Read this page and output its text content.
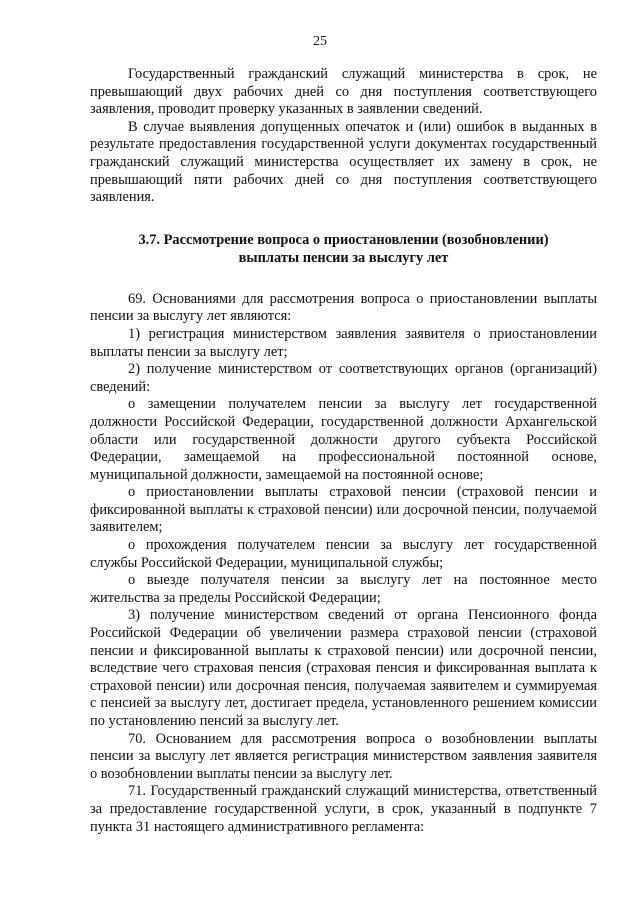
25

Государственный гражданский служащий министерства в срок, не превышающий двух рабочих дней со дня поступления соответствующего заявления, проводит проверку указанных в заявлении сведений.

В случае выявления допущенных опечаток и (или) ошибок в выданных в результате предоставления государственной услуги документах государственный гражданский служащий министерства осуществляет их замену в срок, не превышающий пяти рабочих дней со дня поступления соответствующего заявления.

3.7. Рассмотрение вопроса о приостановлении (возобновлении)
выплаты пенсии за выслугу лет

69. Основаниями для рассмотрения вопроса о приостановлении выплаты пенсии за выслугу лет являются:

1) регистрация министерством заявления заявителя о приостановлении выплаты пенсии за выслугу лет;

2) получение министерством от соответствующих органов (организаций) сведений:

о замещении получателем пенсии за выслугу лет государственной должности Российской Федерации, государственной должности Архангельской области или государственной должности другого субъекта Российской Федерации, замещаемой на профессиональной постоянной основе, муниципальной должности, замещаемой на постоянной основе;

о приостановлении выплаты страховой пенсии (страховой пенсии и фиксированной выплаты к страховой пенсии) или досрочной пенсии, получаемой заявителем;

о прохождения получателем пенсии за выслугу лет государственной службы Российской Федерации, муниципальной службы;

о выезде получателя пенсии за выслугу лет на постоянное место жительства за пределы Российской Федерации;

3) получение министерством сведений от органа Пенсионного фонда Российской Федерации об увеличении размера страховой пенсии (страховой пенсии и фиксированной выплаты к страховой пенсии) или досрочной пенсии, вследствие чего страховая пенсия (страховая пенсия и фиксированная выплата к страховой пенсии) или досрочная пенсия, получаемая заявителем и суммируемая с пенсией за выслугу лет, достигает предела, установленного решением комиссии по установлению пенсий за выслугу лет.

70. Основанием для рассмотрения вопроса о возобновлении выплаты пенсии за выслугу лет является регистрация министерством заявления заявителя о возобновлении выплаты пенсии за выслугу лет.

71. Государственный гражданский служащий министерства, ответственный за предоставление государственной услуги, в срок, указанный в подпункте 7 пункта 31 настоящего административного регламента:
